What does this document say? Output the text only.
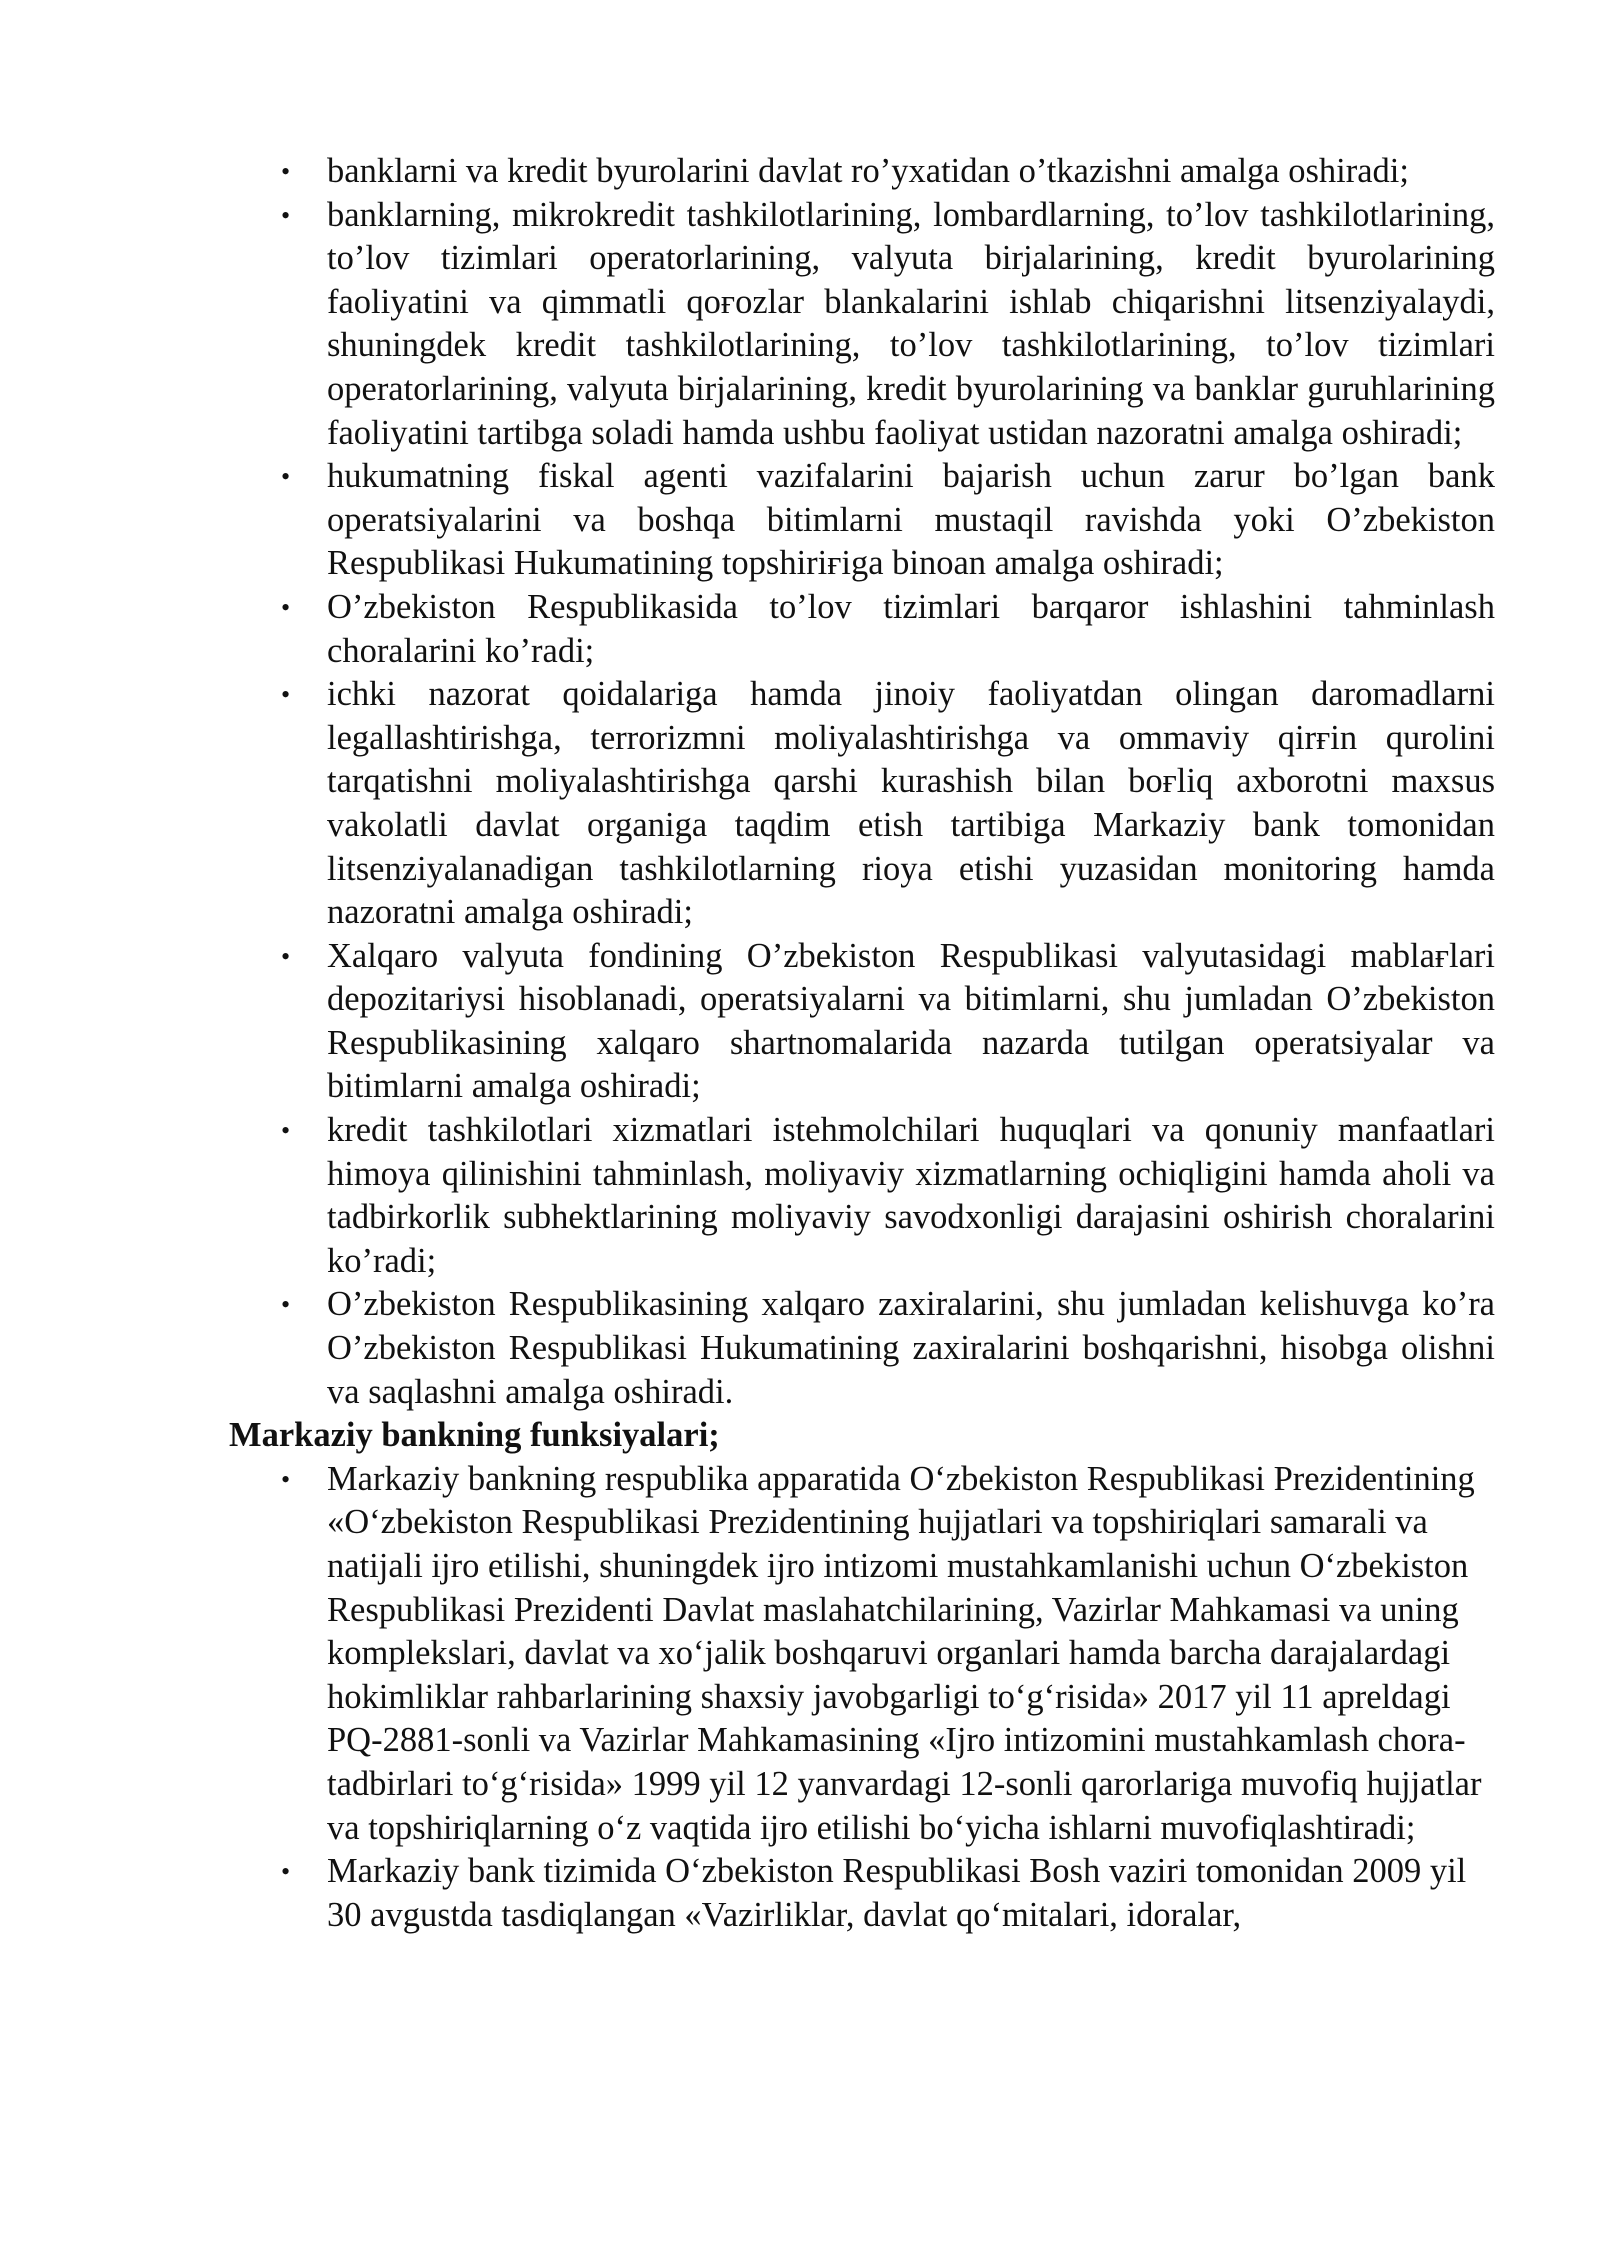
• banklarni va kredit byurolarini davlat ro’yxatidan o’tkazishni amalga oshiradi;
• banklarning, mikrokredit tashkilotlarining, lombardlarning, to’lov tashkilotlarining, to’lov tizimlari operatorlarining, valyuta birjalarining, kredit byurolarining faoliyatini va qimmatli qoғozlar blankalarini ishlab chiqarishni litsenziyalaydi, shuningdek kredit tashkilotlarining, to’lov tashkilotlarining, to’lov tizimlari operatorlarining, valyuta birjalarining, kredit byurolarining va banklar guruhlarining faoliyatini tartibga soladi hamda ushbu faoliyat ustidan nazoratni amalga oshiradi;
• hukumatning fiskal agenti vazifalarini bajarish uchun zarur bo’lgan bank operatsiyalarini va boshqa bitimlarni mustaqil ravishda yoki O’zbekiston Respublikasi Hukumatining topshiriғiga binoan amalga oshiradi;
• O’zbekiston Respublikasida to’lov tizimlari barqaror ishlashini tahminlash choralarini ko’radi;
• ichki nazorat qoidalariga hamda jinoiy faoliyatdan olingan daromadlarni legallashtirishga, terrorizmni moliyalashtirishga va ommaviy qirғin qurolini tarqatishni moliyalashtirishga qarshi kurashish bilan boғliq axborotni maxsus vakolatli davlat organiga taqdim etish tartibiga Markaziy bank tomonidan litsenziyalanadigan tashkilotlarning rioya etishi yuzasidan monitoring hamda nazoratni amalga oshiradi;
• Xalqaro valyuta fondining O’zbekiston Respublikasi valyutasidagi mablaғlari depozitariysi hisoblanadi, operatsiyalarni va bitimlarni, shu jumladan O’zbekiston Respublikasining xalqaro shartnomalarida nazarda tutilgan operatsiyalar va bitimlarni amalga oshiradi;
• kredit tashkilotlari xizmatlari istehmolchilari huquqlari va qonuniy manfaatlari himoya qilinishini tahminlash, moliyaviy xizmatlarning ochiqligini hamda aholi va tadbirkorlik subhektlarining moliyaviy savodxonligi darajasini oshirish choralarini ko’radi;
• O’zbekiston Respublikasining xalqaro zaxiralarini, shu jumladan kelishuvga ko’ra O’zbekiston Respublikasi Hukumatining zaxiralarini boshqarishni, hisobga olishni va saqlashni amalga oshiradi.

Markaziy bankning funksiyalari;

• Markaziy bankning respublika apparatida O‘zbekiston Respublikasi Prezidentining «O‘zbekiston Respublikasi Prezidentining hujjatlari va topshiriqlari samarali va natijali ijro etilishi, shuningdek ijro intizomi mustahkamlanishi uchun O‘zbekiston Respublikasi Prezidenti Davlat maslahatchilarining, Vazirlar Mahkamasi va uning komplekslari, davlat va xo‘jalik boshqaruvi organlari hamda barcha darajalardagi hokimliklar rahbarlarining shaxsiy javobgarligi to‘g‘risida» 2017 yil 11 apreldagi PQ-2881-sonli va Vazirlar Mahkamasining «Ijro intizomini mustahkamlash chora-tadbirlari to‘g‘risida» 1999 yil 12 yanvardagi 12-sonli qarorlariga muvofiq hujjatlar va topshiriqlarning o‘z vaqtida ijro etilishi bo‘yicha ishlarni muvofiqlashtiradi;
• Markaziy bank tizimida O‘zbekiston Respublikasi Bosh vaziri tomonidan 2009 yil 30 avgustda tasdiqlangan «Vazirliklar, davlat qo‘mitalari, idoralar,
